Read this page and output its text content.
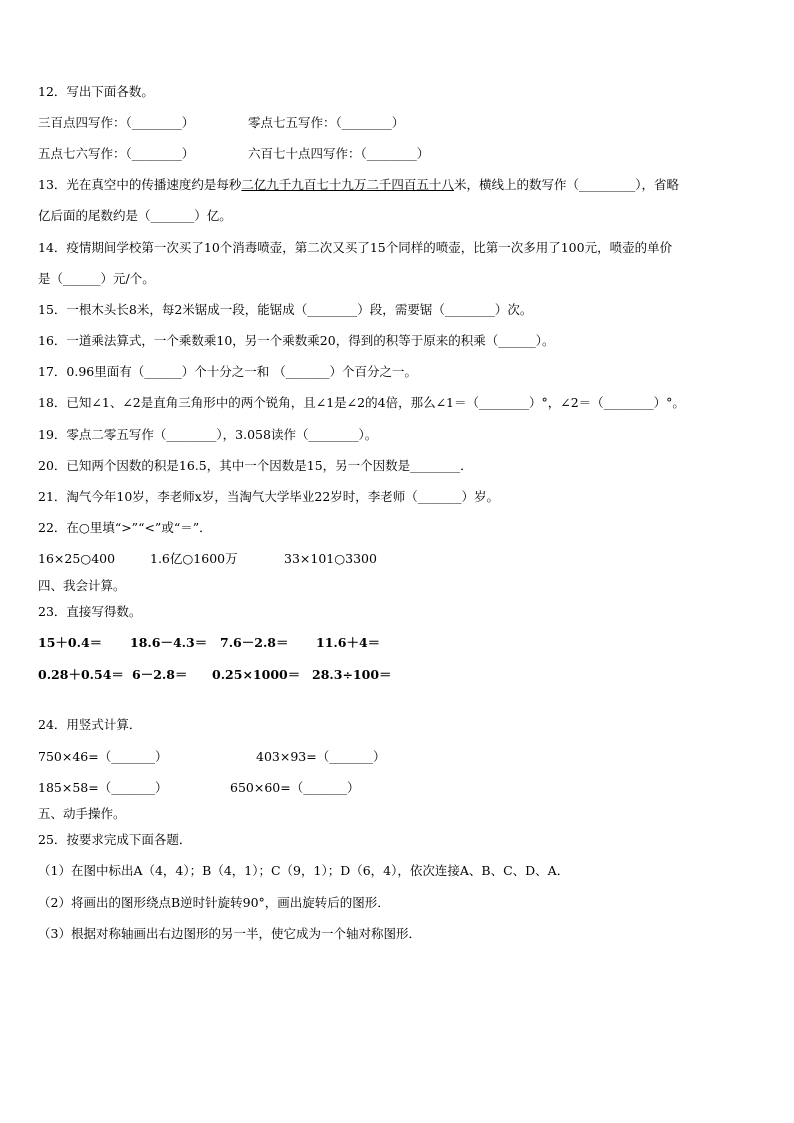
12．写出下面各数。
三百点四写作：（________）	零点七五写作：（________）
五点七六写作：（________）	六百七十点四写作：（________）
13．光在真空中的传播速度约是每秒二亿九千九百七十九万二千四百五十八米，横线上的数写作（_________），省略
亿后面的尾数约是（_______）亿。
14．疫情期间学校第一次买了10个消毒喷壶，第二次又买了15个同样的喷壶，比第一次多用了100元，喷壶的单价
是（______）元/个。
15．一根木头长8米，每2米锯成一段，能锯成（________）段，需要锯（________）次。
16．一道乘法算式，一个乘数乘10，另一个乘数乘20，得到的积等于原来的积乘（______）。
17．0.96里面有（______）个十分之一和 （_______）个百分之一。
18．已知∠1、∠2是直角三角形中的两个锐角，且∠1是∠2的4倍，那么∠1＝（________）°，∠2＝（________）°。
19．零点二零五写作（________），3.058读作（________）。
20．已知两个因数的积是16.5，其中一个因数是15，另一个因数是________．
21．淘气今年10岁，李老师x岁，当淘气大学毕业22岁时，李老师（_______）岁。
22．在○里填“>”“<”或“＝”．
16×25○400	1.6亿○1600万	33×101○3300
四、我会计算。
23．直接写得数。
15＋0.4＝ 18.6－4.3＝ 7.6－2.8＝ 11.6＋4＝
0.28＋0.54＝ 6－2.8＝ 0.25×1000＝ 28.3÷100＝
24．用竖式计算．
750×46=（_______）	403×93=（_______）
185×58=（_______）	650×60=（_______）
五、动手操作。
25．按要求完成下面各题．
（1）在图中标出A（4，4）；B（4，1）；C（9，1）；D（6，4），依次连接A、B、C、D、A．
（2）将画出的图形绕点B逆时针旋转90°，画出旋转后的图形．
（3）根据对称轴画出右边图形的另一半，使它成为一个轴对称图形．
